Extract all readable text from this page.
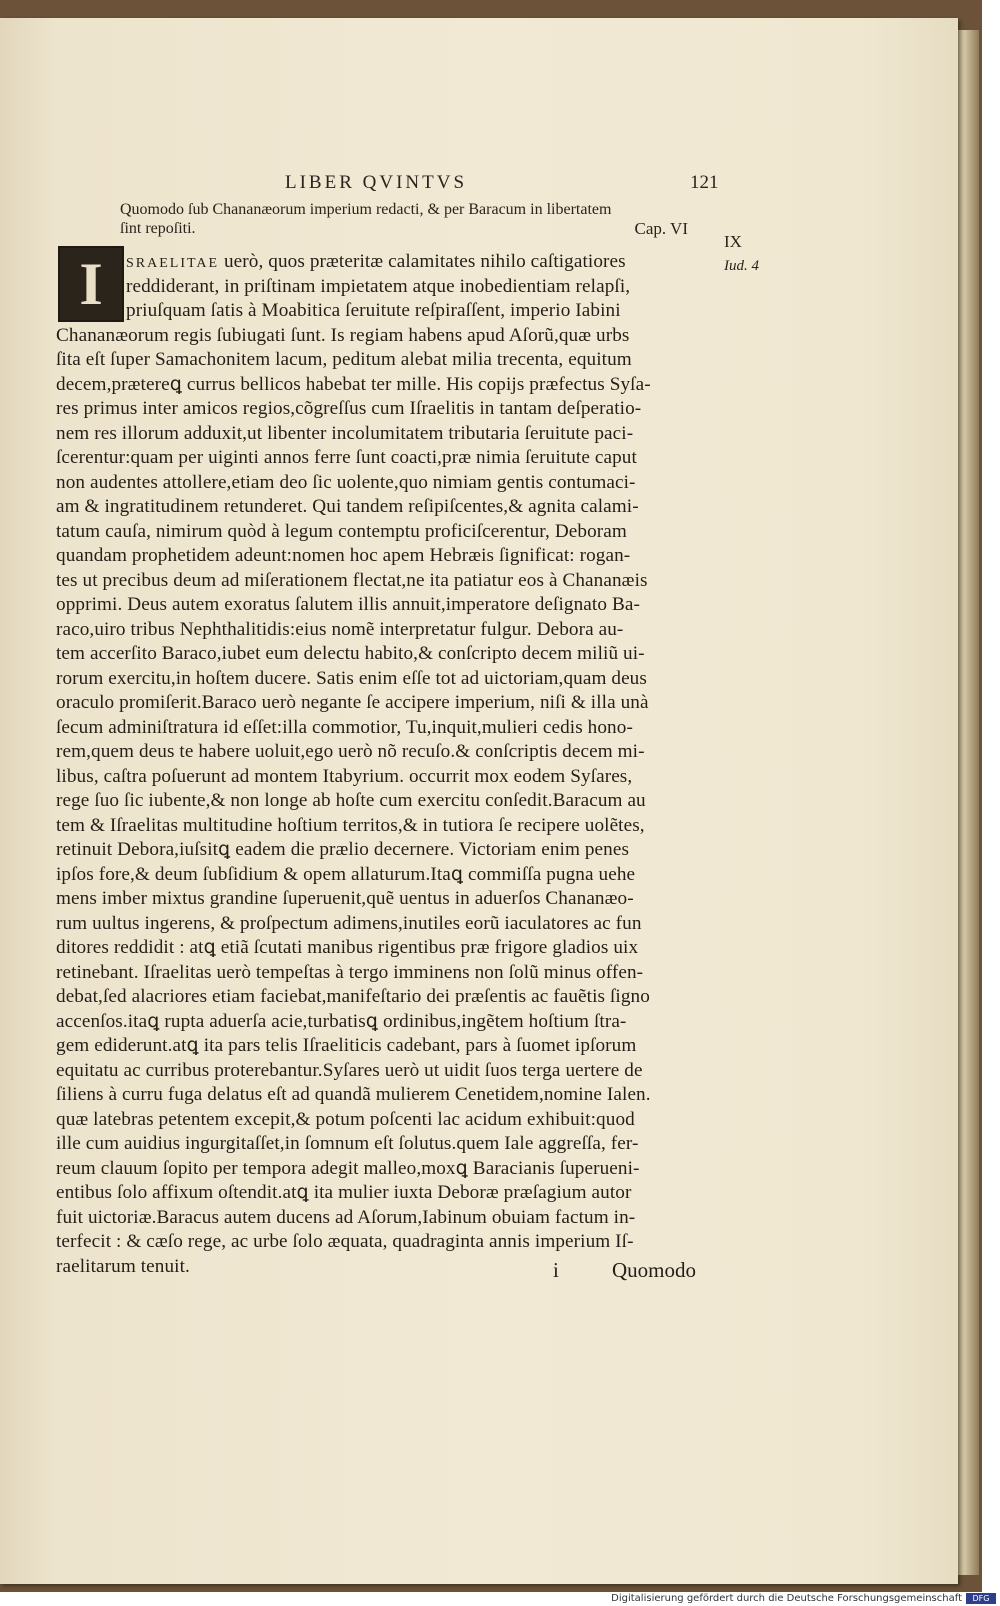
LIBER QVINTVS	121
Quomodo ſub Chananæorum imperium redacti, & per Baracum in libertatem
ſint repoſiti.	Cap. VI
I	SRAELITAE uerò, quos præteritæ calamitates nihilo caſtigatiores
reddiderant, in priſtinam impietatem atque inobedientiam relapſi,
priuſquam ſatis à Moabitica ſeruitute reſpiraſſent, imperio Iabini
Chananæorum regis ſubiugati ſunt. Is regiam habens apud Aſorũ,quæ urbs
ſita eſt ſuper Samachonitem lacum, peditum alebat milia trecenta, equitum
decem,prætereꝗ currus bellicos habebat ter mille. His copijs præfectus Syſa-
res primus inter amicos regios,cõgreſſus cum Iſraelitis in tantam deſperatio-
nem res illorum adduxit,ut libenter incolumitatem tributaria ſeruitute paci-
ſcerentur:quam per uiginti annos ferre ſunt coacti,præ nimia ſeruitute caput
non audentes attollere,etiam deo ſic uolente,quo nimiam gentis contumaci-
am & ingratitudinem retunderet. Qui tandem reſipiſcentes,& agnita calami-
tatum cauſa, nimirum quòd à legum contemptu proficiſcerentur, Deboram
quandam prophetidem adeunt:nomen hoc apem Hebræis ſignificat: rogan-
tes ut precibus deum ad miſerationem flectat,ne ita patiatur eos à Chananæis
opprimi. Deus autem exoratus ſalutem illis annuit,imperatore deſignato Ba-
raco,uiro tribus Nephthalitidis:eius nomẽ interpretatur fulgur. Debora au-
tem accerſito Baraco,iubet eum delectu habito,& conſcripto decem miliũ ui-
rorum exercitu,in hoſtem ducere. Satis enim eſſe tot ad uictoriam,quam deus
oraculo promiſerit.Baraco uerò negante ſe accipere imperium, niſi & illa unà
ſecum adminiſtratura id eſſet:illa commotior, Tu,inquit,mulieri cedis hono-
rem,quem deus te habere uoluit,ego uerò nõ recuſo.& conſcriptis decem mi-
libus, caſtra poſuerunt ad montem Itabyrium. occurrit mox eodem Syſares,
rege ſuo ſic iubente,& non longe ab hoſte cum exercitu conſedit.Baracum au
tem & Iſraelitas multitudine hoſtium territos,& in tutiora ſe recipere uolẽtes,
retinuit Debora,iuſsitꝗ eadem die prælio decernere. Victoriam enim penes
ipſos fore,& deum ſubſidium & opem allaturum.Itaꝗ commiſſa pugna uehe
mens imber mixtus grandine ſuperuenit,quẽ uentus in aduerſos Chananæo-
rum uultus ingerens, & proſpectum adimens,inutiles eorũ iaculatores ac fun
ditores reddidit : atꝗ etiã ſcutati manibus rigentibus præ frigore gladios uix
retinebant. Iſraelitas uerò tempeſtas à tergo imminens non ſolũ minus offen-
debat,ſed alacriores etiam faciebat,manifeſtario dei præſentis ac fauẽtis ſigno
accenſos.itaꝗ rupta aduerſa acie,turbatisꝗ ordinibus,ingẽtem hoſtium ſtra-
gem ediderunt.atꝗ ita pars telis Iſraeliticis cadebant, pars à ſuomet ipſorum
equitatu ac curribus proterebantur.Syſares uerò ut uidit ſuos terga uertere de
ſiliens à curru fuga delatus eſt ad quandã mulierem Cenetidem,nomine Ialen.
quæ latebras petentem excepit,& potum poſcenti lac acidum exhibuit:quod
ille cum auidius ingurgitaſſet,in ſomnum eſt ſolutus.quem Iale aggreſſa, fer-
reum clauum ſopito per tempora adegit malleo,moxꝗ Baracianis ſuperueni-
entibus ſolo affixum oſtendit.atꝗ ita mulier iuxta Deboræ præſagium autor
fuit uictoriæ.Baracus autem ducens ad Aſorum,Iabinum obuiam factum in-
terfecit : & cæſo rege, ac urbe ſolo æquata, quadraginta annis imperium Iſ-
raelitarum tenuit.
IX
Iud. 4
i	Quomodo
Digitalisierung gefördert durch die Deutsche Forschungsgemeinschaft	DFG
